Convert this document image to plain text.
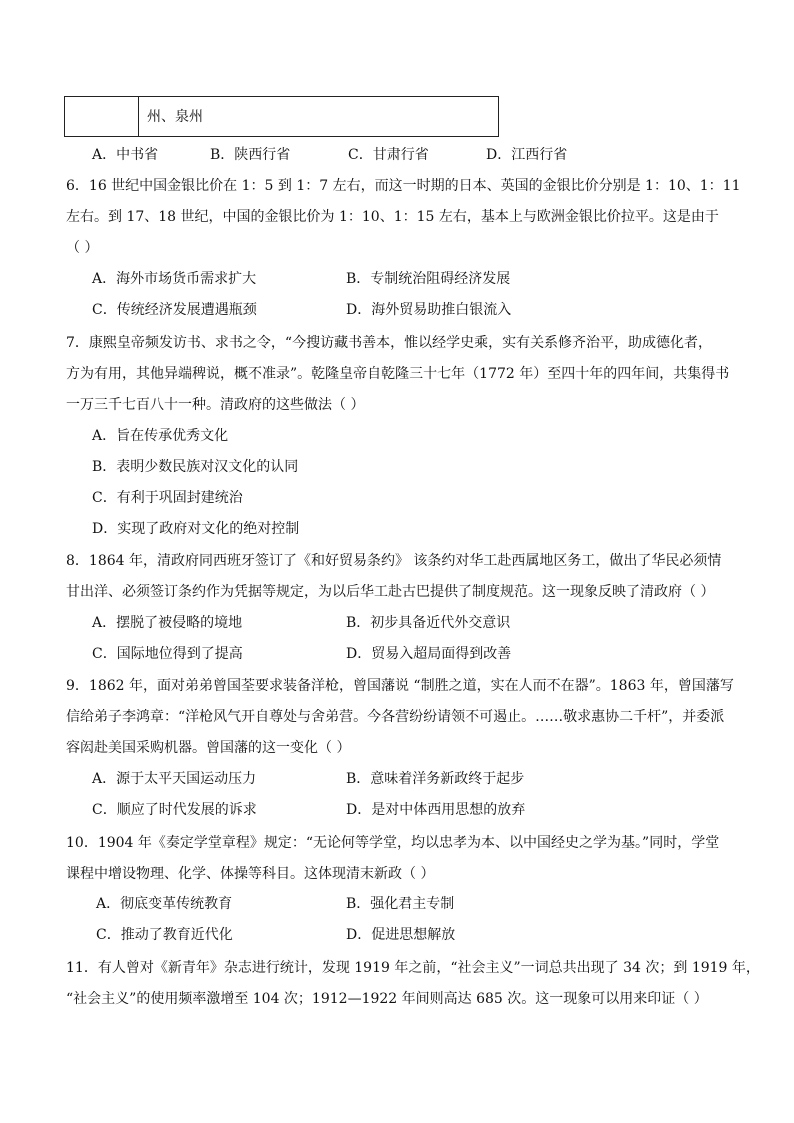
州、泉州
A．中书省	B．陕西行省	C．甘肃行省	D．江西行省
6．16 世纪中国金银比价在 1：5 到 1：7 左右，而这一时期的日本、英国的金银比价分别是 1：10、1：11
左右。到 17、18 世纪，中国的金银比价为 1：10、1：15 左右，基本上与欧洲金银比价拉平。这是由于
（ ）
A．海外市场货币需求扩大	B．专制统治阻碍经济发展
C．传统经济发展遭遇瓶颈	D．海外贸易助推白银流入
7．康熙皇帝频发访书、求书之令，“今搜访藏书善本，惟以经学史乘，实有关系修齐治平，助成德化者，
方为有用，其他异端稗说，概不准录”。乾隆皇帝自乾隆三十七年（1772 年）至四十年的四年间，共集得书
一万三千七百八十一种。清政府的这些做法（ ）
A．旨在传承优秀文化
B．表明少数民族对汉文化的认同
C．有利于巩固封建统治
D．实现了政府对文化的绝对控制
8．1864 年，清政府同西班牙签订了《和好贸易条约》 该条约对华工赴西属地区务工，做出了华民必须情
甘出洋、必须签订条约作为凭据等规定，为以后华工赴古巴提供了制度规范。这一现象反映了清政府（ ）
A．摆脱了被侵略的境地	B．初步具备近代外交意识
C．国际地位得到了提高	D．贸易入超局面得到改善
9．1862 年，面对弟弟曾国荃要求装备洋枪，曾国藩说 “制胜之道，实在人而不在器”。1863 年，曾国藩写
信给弟子李鸿章：“洋枪风气开自尊处与舍弟营。今各营纷纷请领不可遏止。……敬求惠协二千杆”，并委派
容闳赴美国采购机器。曾国藩的这一变化（ ）
A．源于太平天国运动压力	B．意味着洋务新政终于起步
C．顺应了时代发展的诉求	D．是对中体西用思想的放弃
10．1904 年《奏定学堂章程》规定：“无论何等学堂，均以忠孝为本、以中国经史之学为基。”同时，学堂
课程中增设物理、化学、体操等科目。这体现清末新政（ ）
A．彻底变革传统教育	B．强化君主专制
C．推动了教育近代化	D．促进思想解放
11．有人曾对《新青年》杂志进行统计，发现 1919 年之前，“社会主义”一词总共出现了 34 次；到 1919 年，
“社会主义”的使用频率激增至 104 次；1912—1922 年间则高达 685 次。这一现象可以用来印证（ ）
